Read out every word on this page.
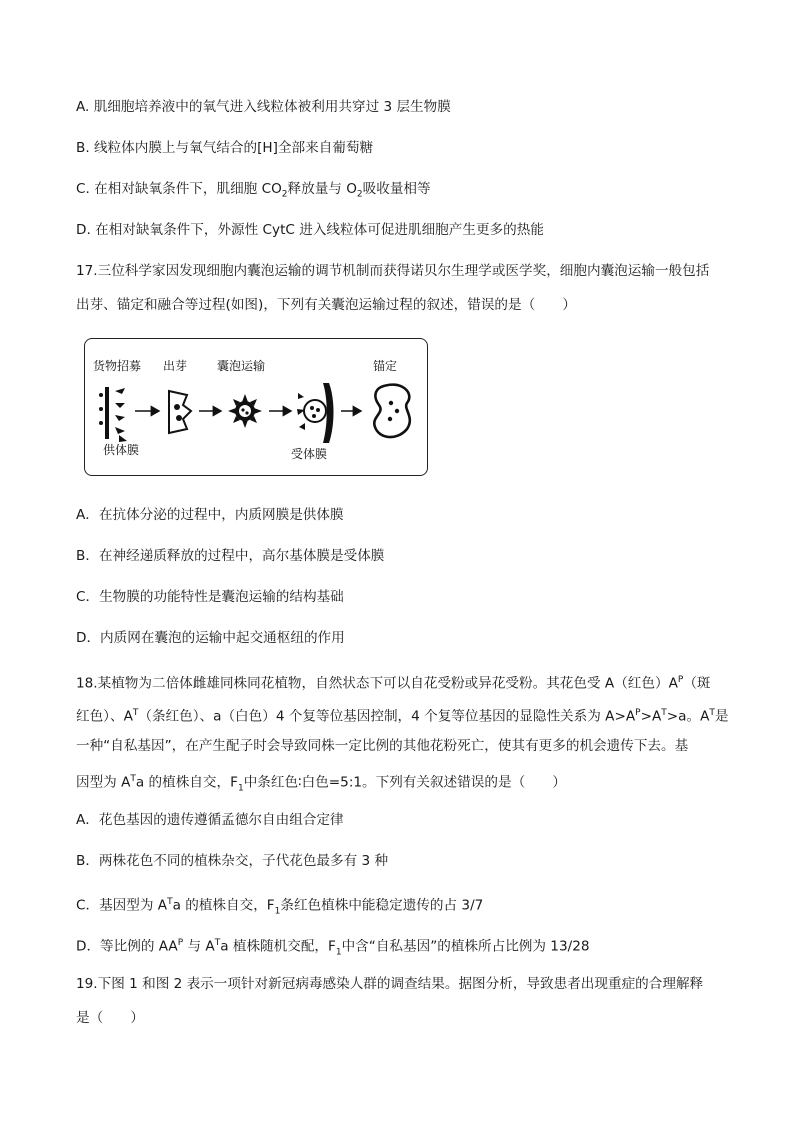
A. 肌细胞培养液中的氧气进入线粒体被利用共穿过 3 层生物膜
B. 线粒体内膜上与氧气结合的[H]全部来自葡萄糖
C. 在相对缺氧条件下，肌细胞 $CO_2$释放量与 $O_2$吸收量相等
D. 在相对缺氧条件下，外源性 CytC 进入线粒体可促进肌细胞产生更多的热能
17.三位科学家因发现细胞内囊泡运输的调节机制而获得诺贝尔生理学或医学奖，细胞内囊泡运输一般包括
出芽、锚定和融合等过程(如图)，下列有关囊泡运输过程的叙述，错误的是（　　）
货物招募 出芽 囊泡运输	锚定
供体膜	受体膜
A．在抗体分泌的过程中，内质网膜是供体膜
B．在神经递质释放的过程中，高尔基体膜是受体膜
C．生物膜的功能特性是囊泡运输的结构基础
D．内质网在囊泡的运输中起交通枢纽的作用
18.某植物为二倍体雌雄同株同花植物，自然状态下可以自花受粉或异花受粉。其花色受 A（红色）$A^P$（斑
红色）、$A^T$（条红色）、a（白色）4 个复等位基因控制，4 个复等位基因的显隐性关系为 $A>A^P>A^T>a$。$A^T$是
一种“自私基因”，在产生配子时会导致同株一定比例的其他花粉死亡，使其有更多的机会遗传下去。基
因型为 $A^Ta$ 的植株自交，$F_1$中条红色∶白色=5:1。下列有关叙述错误的是（　　）
A．花色基因的遗传遵循孟德尔自由组合定律
B．两株花色不同的植株杂交，子代花色最多有 3 种
C．基因型为 $A^Ta$ 的植株自交，$F_1$条红色植株中能稳定遗传的占 3/7
D．等比例的 $AA^P$ 与 $A^Ta$ 植株随机交配，$F_1$中含“自私基因”的植株所占比例为 13/28
19.下图 1 和图 2 表示一项针对新冠病毒感染人群的调查结果。据图分析，导致患者出现重症的合理解释
是（　　）
